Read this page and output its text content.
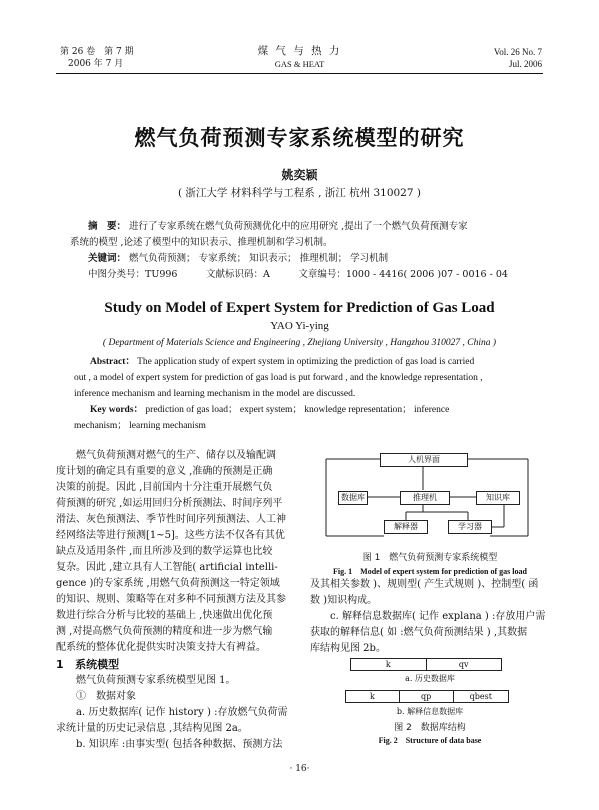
第 26 卷　第 7 期
2006 年 7 月
煤 气 与 热 力
GAS & HEAT
Vol. 26 No. 7
Jul. 2006
燃气负荷预测专家系统模型的研究
姚奕颖
( 浙江大学 材料科学与工程系 , 浙江 杭州 310027 )
摘　要： 进行了专家系统在燃气负荷预测优化中的应用研究 ,提出了一个燃气负荷预测专家
系统的模型 ,论述了模型中的知识表示、推理机制和学习机制。
关键词： 燃气负荷预测； 专家系统； 知识表示； 推理机制； 学习机制
中图分类号：TU996　　　文献标识码：A　　　文章编号：1000 - 4416( 2006 )07 - 0016 - 04
Study on Model of Expert System for Prediction of Gas Load
YAO Yi-ying
( Department of Materials Science and Engineering , Zhejiang University , Hangzhou 310027 , China )
Abstract： The application study of expert system in optimizing the prediction of gas load is carried
out , a model of expert system for prediction of gas load is put forward , and the knowledge representation ,
inference mechanism and learning mechanism in the model are discussed.
Key words： prediction of gas load； expert system； knowledge representation； inference
mechanism； learning mechanism
燃气负荷预测对燃气的生产、储存以及输配调
度计划的确定具有重要的意义 ,准确的预测是正确
决策的前提。因此 ,目前国内十分注重开展燃气负
荷预测的研究 ,如运用回归分析预测法、时间序列平
滑法、灰色预测法、季节性时间序列预测法、人工神
经网络法等进行预测[1~5]。这些方法不仅各有其优
缺点及适用条件 ,而且所涉及到的数学运算也比较
复杂。因此 ,建立具有人工智能( artificial intelli-
gence )的专家系统 ,用燃气负荷预测这一特定领域
的知识、规则、策略等在对多种不同预测方法及其参
数进行综合分析与比较的基础上 ,快速做出优化预
测 ,对提高燃气负荷预测的精度和进一步为燃气输
配系统的整体优化提供实时决策支持大有裨益。
1 系统模型
燃气负荷预测专家系统模型见图 1。
①　数据对象
a. 历史数据库( 记作 history ) :存放燃气负荷需
求统计量的历史记录信息 ,其结构见图 2a。
b. 知识库 :由事实型( 包括各种数据、预测方法
人机界面
数据库	推理机	知识库
解释器	学习器
图 1　燃气负荷预测专家系统模型
Fig. 1　Model of expert system for prediction of gas load
及其相关参数 )、规则型( 产生式规则 )、控制型( 函
数 )知识构成。
c. 解释信息数据库( 记作 explana ) :存放用户需
获取的解释信息( 如 :燃气负荷预测结果 ) ,其数据
库结构见图 2b。
k	qv
a. 历史数据库
k	qp	qbest
b. 解释信息数据库
图 2　数据库结构
Fig. 2　Structure of data base
· 16·
